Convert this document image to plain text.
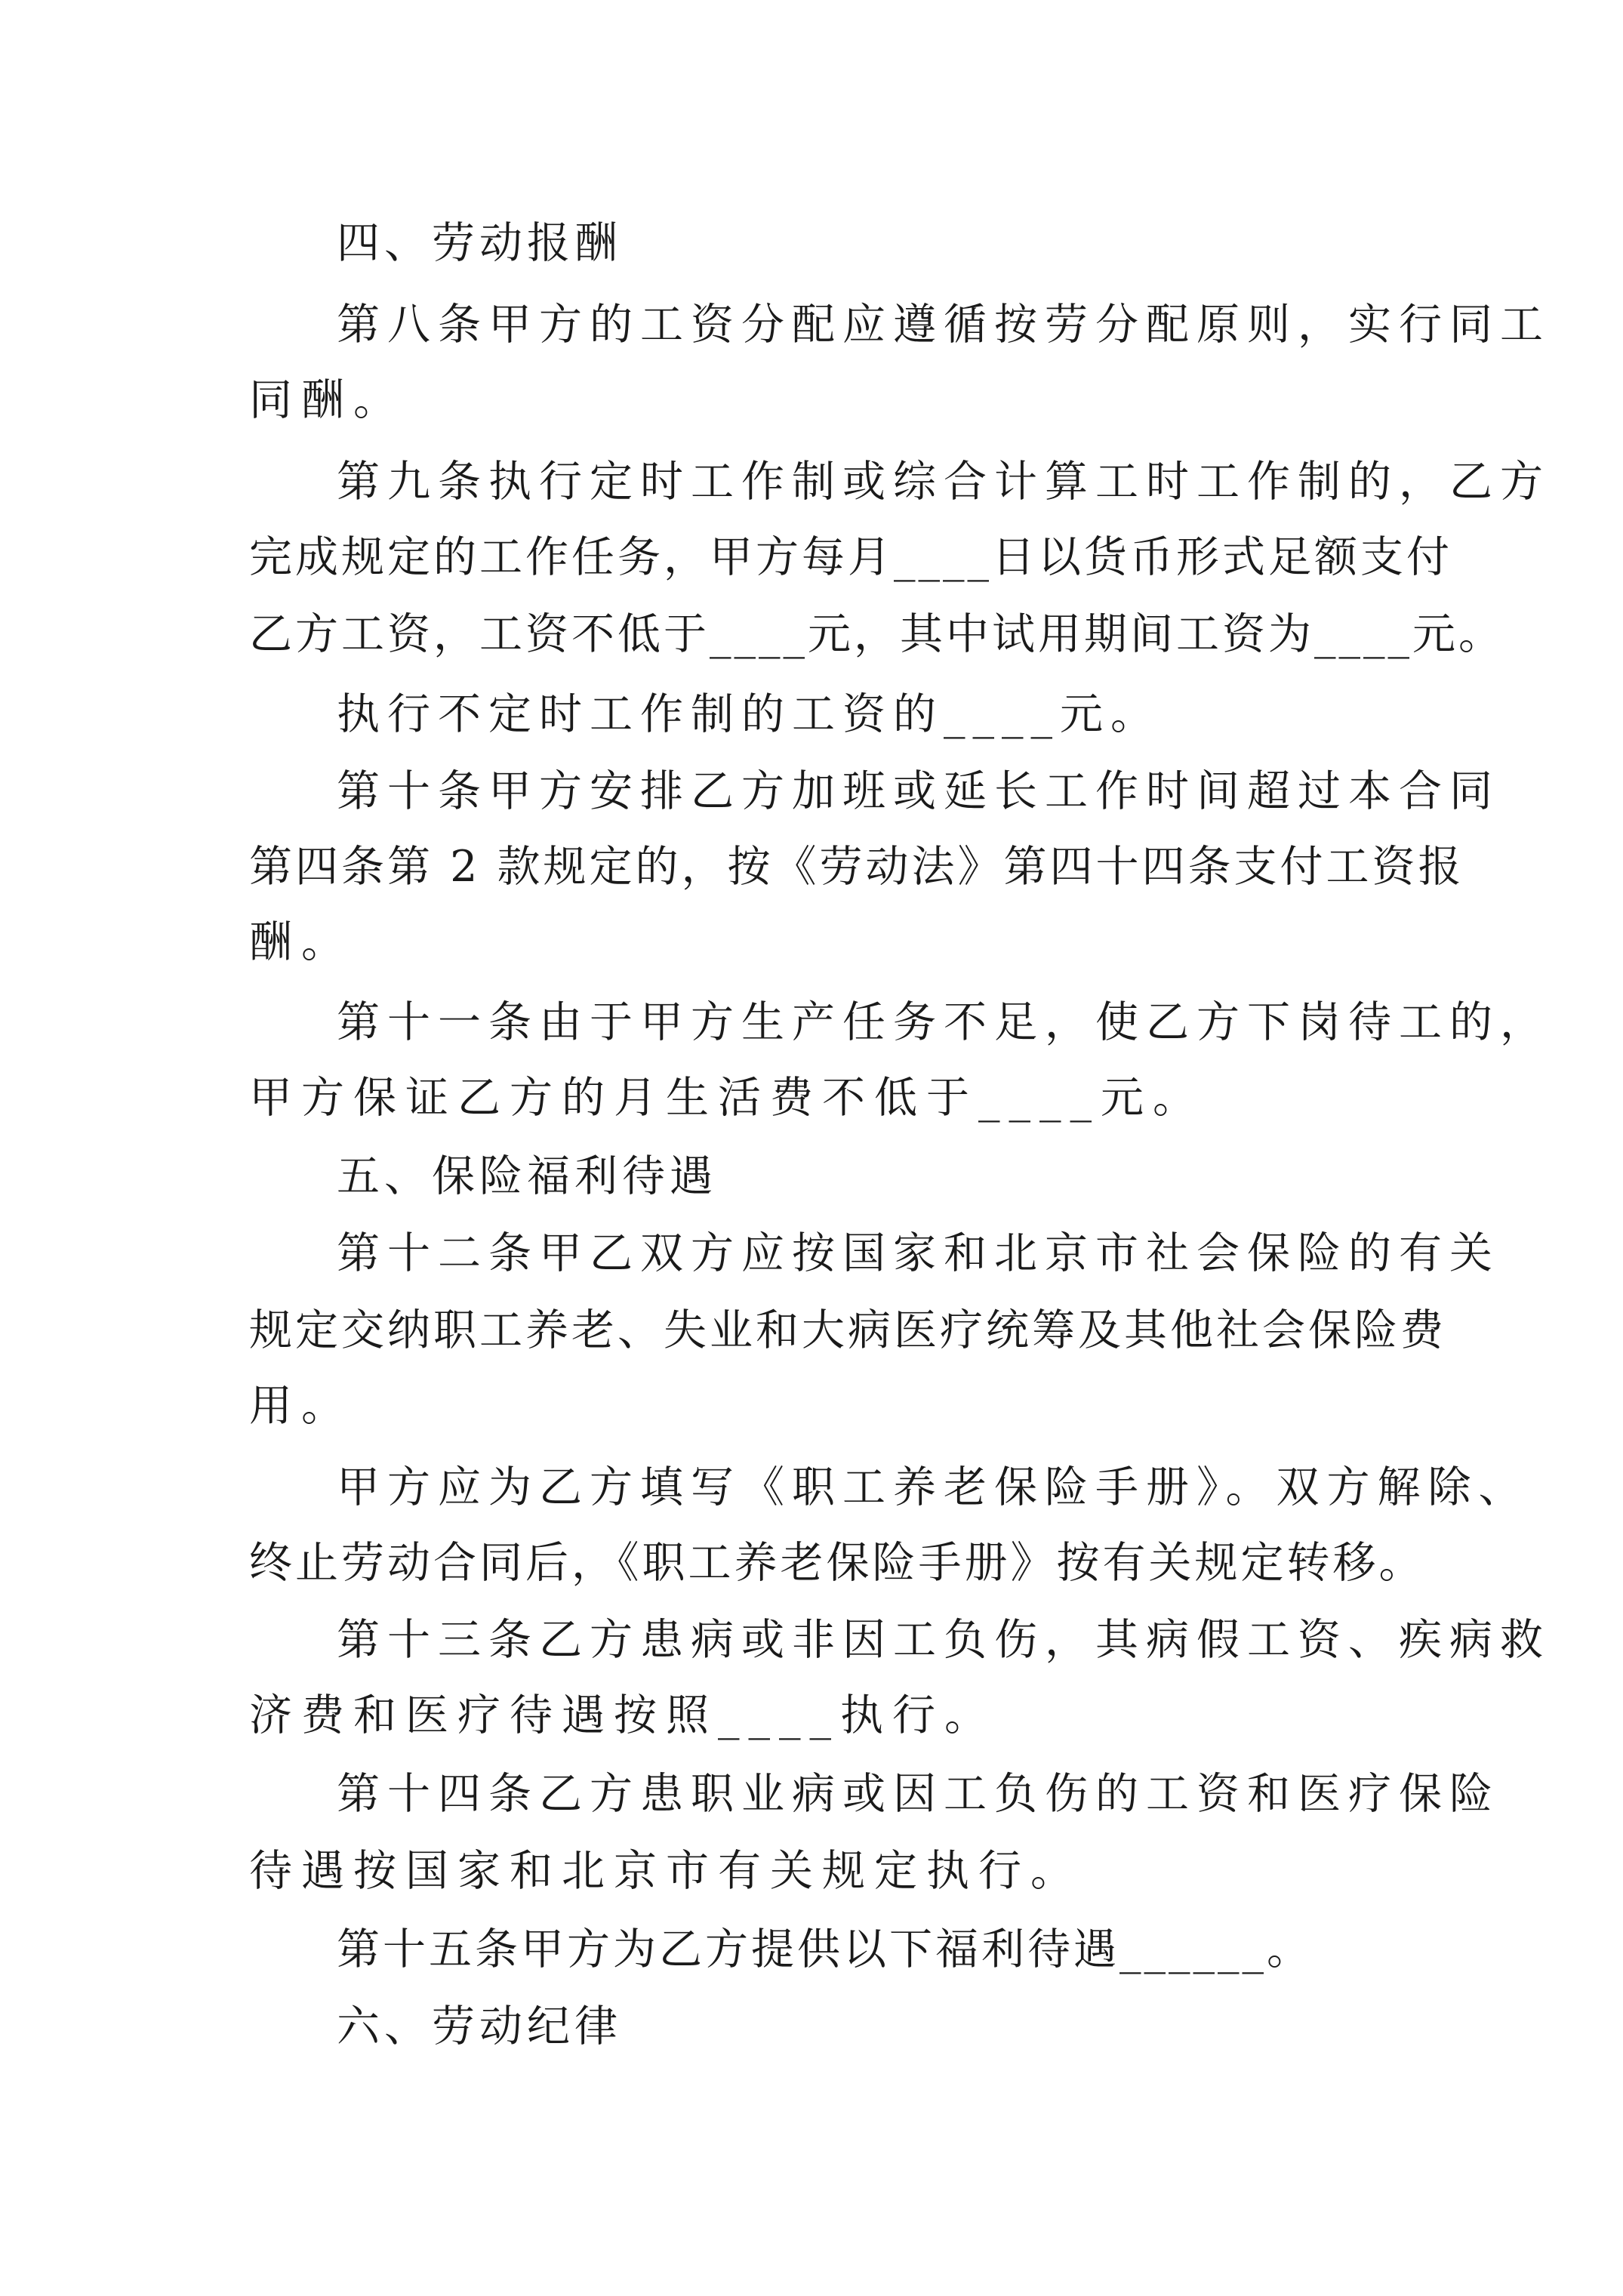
四、劳动报酬
第八条甲方的工资分配应遵循按劳分配原则，实行同工
同酬。
第九条执行定时工作制或综合计算工时工作制的，乙方
完成规定的工作任务，甲方每月____日以货币形式足额支付
乙方工资，工资不低于____元，其中试用期间工资为____元。
执行不定时工作制的工资的____元。
第十条甲方安排乙方加班或延长工作时间超过本合同
第四条第 2 款规定的，按《劳动法》第四十四条支付工资报
酬。
第十一条由于甲方生产任务不足，使乙方下岗待工的，
甲方保证乙方的月生活费不低于____元。
五、保险福利待遇
第十二条甲乙双方应按国家和北京市社会保险的有关
规定交纳职工养老、失业和大病医疗统筹及其他社会保险费
用。
甲方应为乙方填写《职工养老保险手册》。双方解除、
终止劳动合同后，《职工养老保险手册》按有关规定转移。
第十三条乙方患病或非因工负伤，其病假工资、疾病救
济费和医疗待遇按照____执行。
第十四条乙方患职业病或因工负伤的工资和医疗保险
待遇按国家和北京市有关规定执行。
第十五条甲方为乙方提供以下福利待遇______。
六、劳动纪律
